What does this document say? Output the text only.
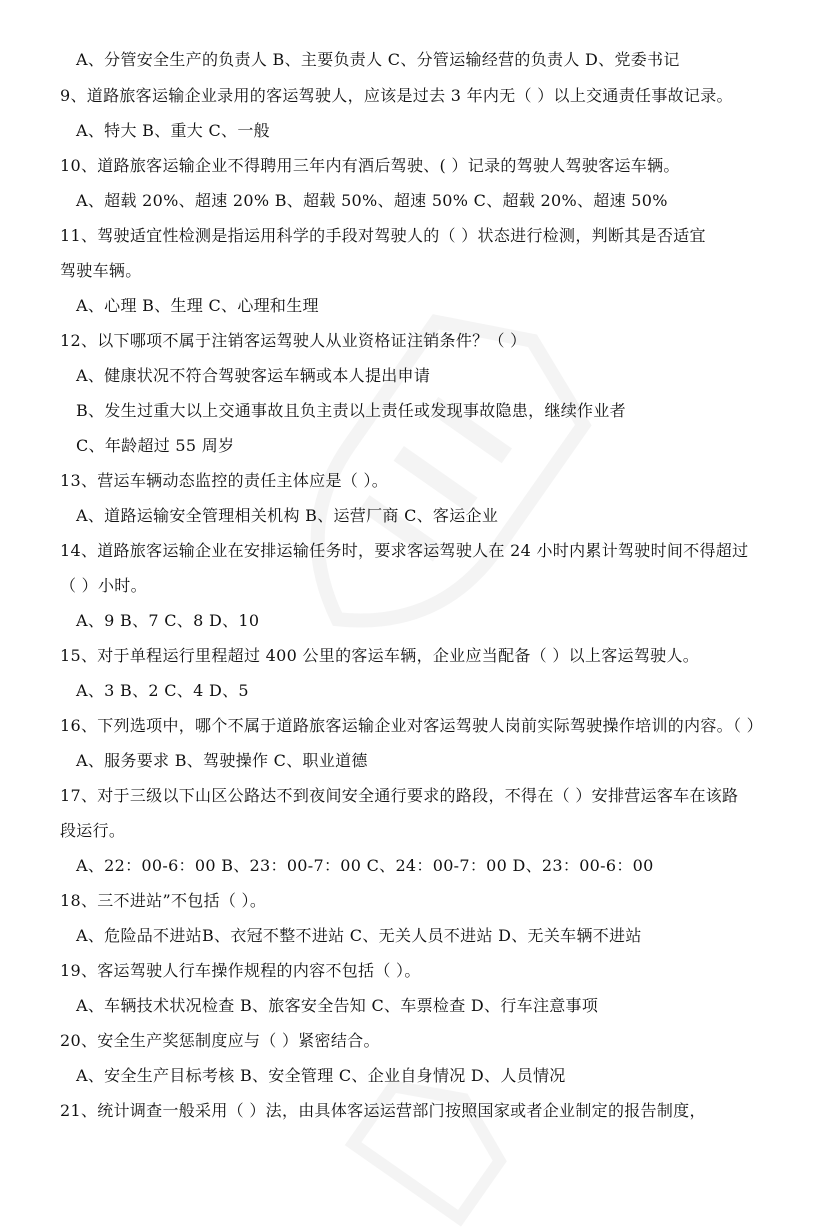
A、分管安全生产的负责人 B、主要负责人 C、分管运输经营的负责人 D、党委书记
9、道路旅客运输企业录用的客运驾驶人，应该是过去 3 年内无（ ）以上交通责任事故记录。
A、特大 B、重大 C、一般
10、道路旅客运输企业不得聘用三年内有酒后驾驶、( ）记录的驾驶人驾驶客运车辆。
A、超载 20%、超速 20% B、超载 50%、超速 50% C、超载 20%、超速 50%
11、驾驶适宜性检测是指运用科学的手段对驾驶人的（ ）状态进行检测，判断其是否适宜
驾驶车辆。
A、心理 B、生理 C、心理和生理
12、以下哪项不属于注销客运驾驶人从业资格证注销条件？（ ）
A、健康状况不符合驾驶客运车辆或本人提出申请
B、发生过重大以上交通事故且负主责以上责任或发现事故隐患，继续作业者
C、年龄超过 55 周岁
13、营运车辆动态监控的责任主体应是（ ）。
A、道路运输安全管理相关机构 B、运营厂商 C、客运企业
14、道路旅客运输企业在安排运输任务时，要求客运驾驶人在 24 小时内累计驾驶时间不得超过
（ ）小时。
A、9 B、7 C、8 D、10
15、对于单程运行里程超过 400 公里的客运车辆，企业应当配备（ ）以上客运驾驶人。
A、3 B、2 C、4 D、5
16、下列选项中，哪个不属于道路旅客运输企业对客运驾驶人岗前实际驾驶操作培训的内容。（ ）
A、服务要求 B、驾驶操作 C、职业道德
17、对于三级以下山区公路达不到夜间安全通行要求的路段，不得在（ ）安排营运客车在该路
段运行。
A、22：00-6：00 B、23：00-7：00 C、24：00-7：00 D、23：00-6：00
18、三不进站”不包括（ ）。
A、危险品不进站B、衣冠不整不进站 C、无关人员不进站 D、无关车辆不进站
19、客运驾驶人行车操作规程的内容不包括（ ）。
A、车辆技术状况检查 B、旅客安全告知 C、车票检查 D、行车注意事项
20、安全生产奖惩制度应与（ ）紧密结合。
A、安全生产目标考核 B、安全管理 C、企业自身情况 D、人员情况
21、统计调查一般采用（ ）法，由具体客运运营部门按照国家或者企业制定的报告制度，
